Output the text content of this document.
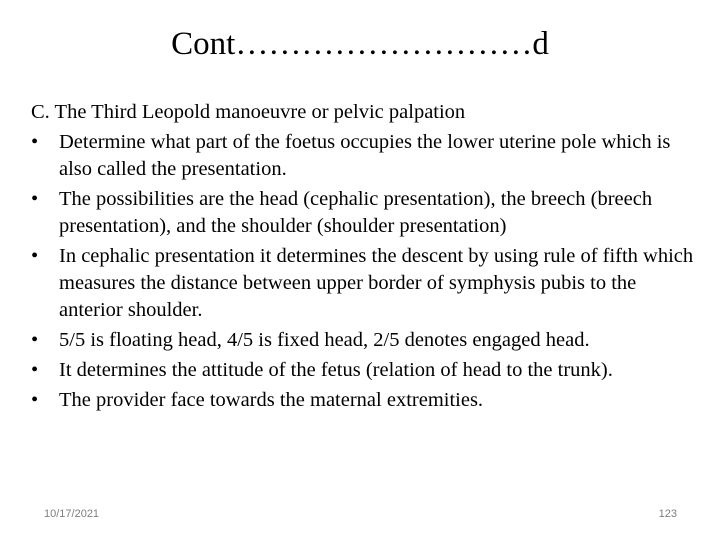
Cont………………………d

C. The Third Leopold manoeuvre or pelvic palpation

•	Determine what part of the foetus occupies the lower uterine pole which is also called the presentation.
•	The possibilities are the head (cephalic presentation), the breech (breech presentation), and the shoulder (shoulder presentation)
•	In cephalic presentation it determines the descent by using rule of fifth which measures the distance between upper border of symphysis pubis to the anterior shoulder.
•	5/5 is floating head, 4/5 is fixed head, 2/5 denotes engaged head.
•	It determines the attitude of the fetus (relation of head to the trunk).
•	The provider face towards the maternal extremities.
10/17/2021	123
